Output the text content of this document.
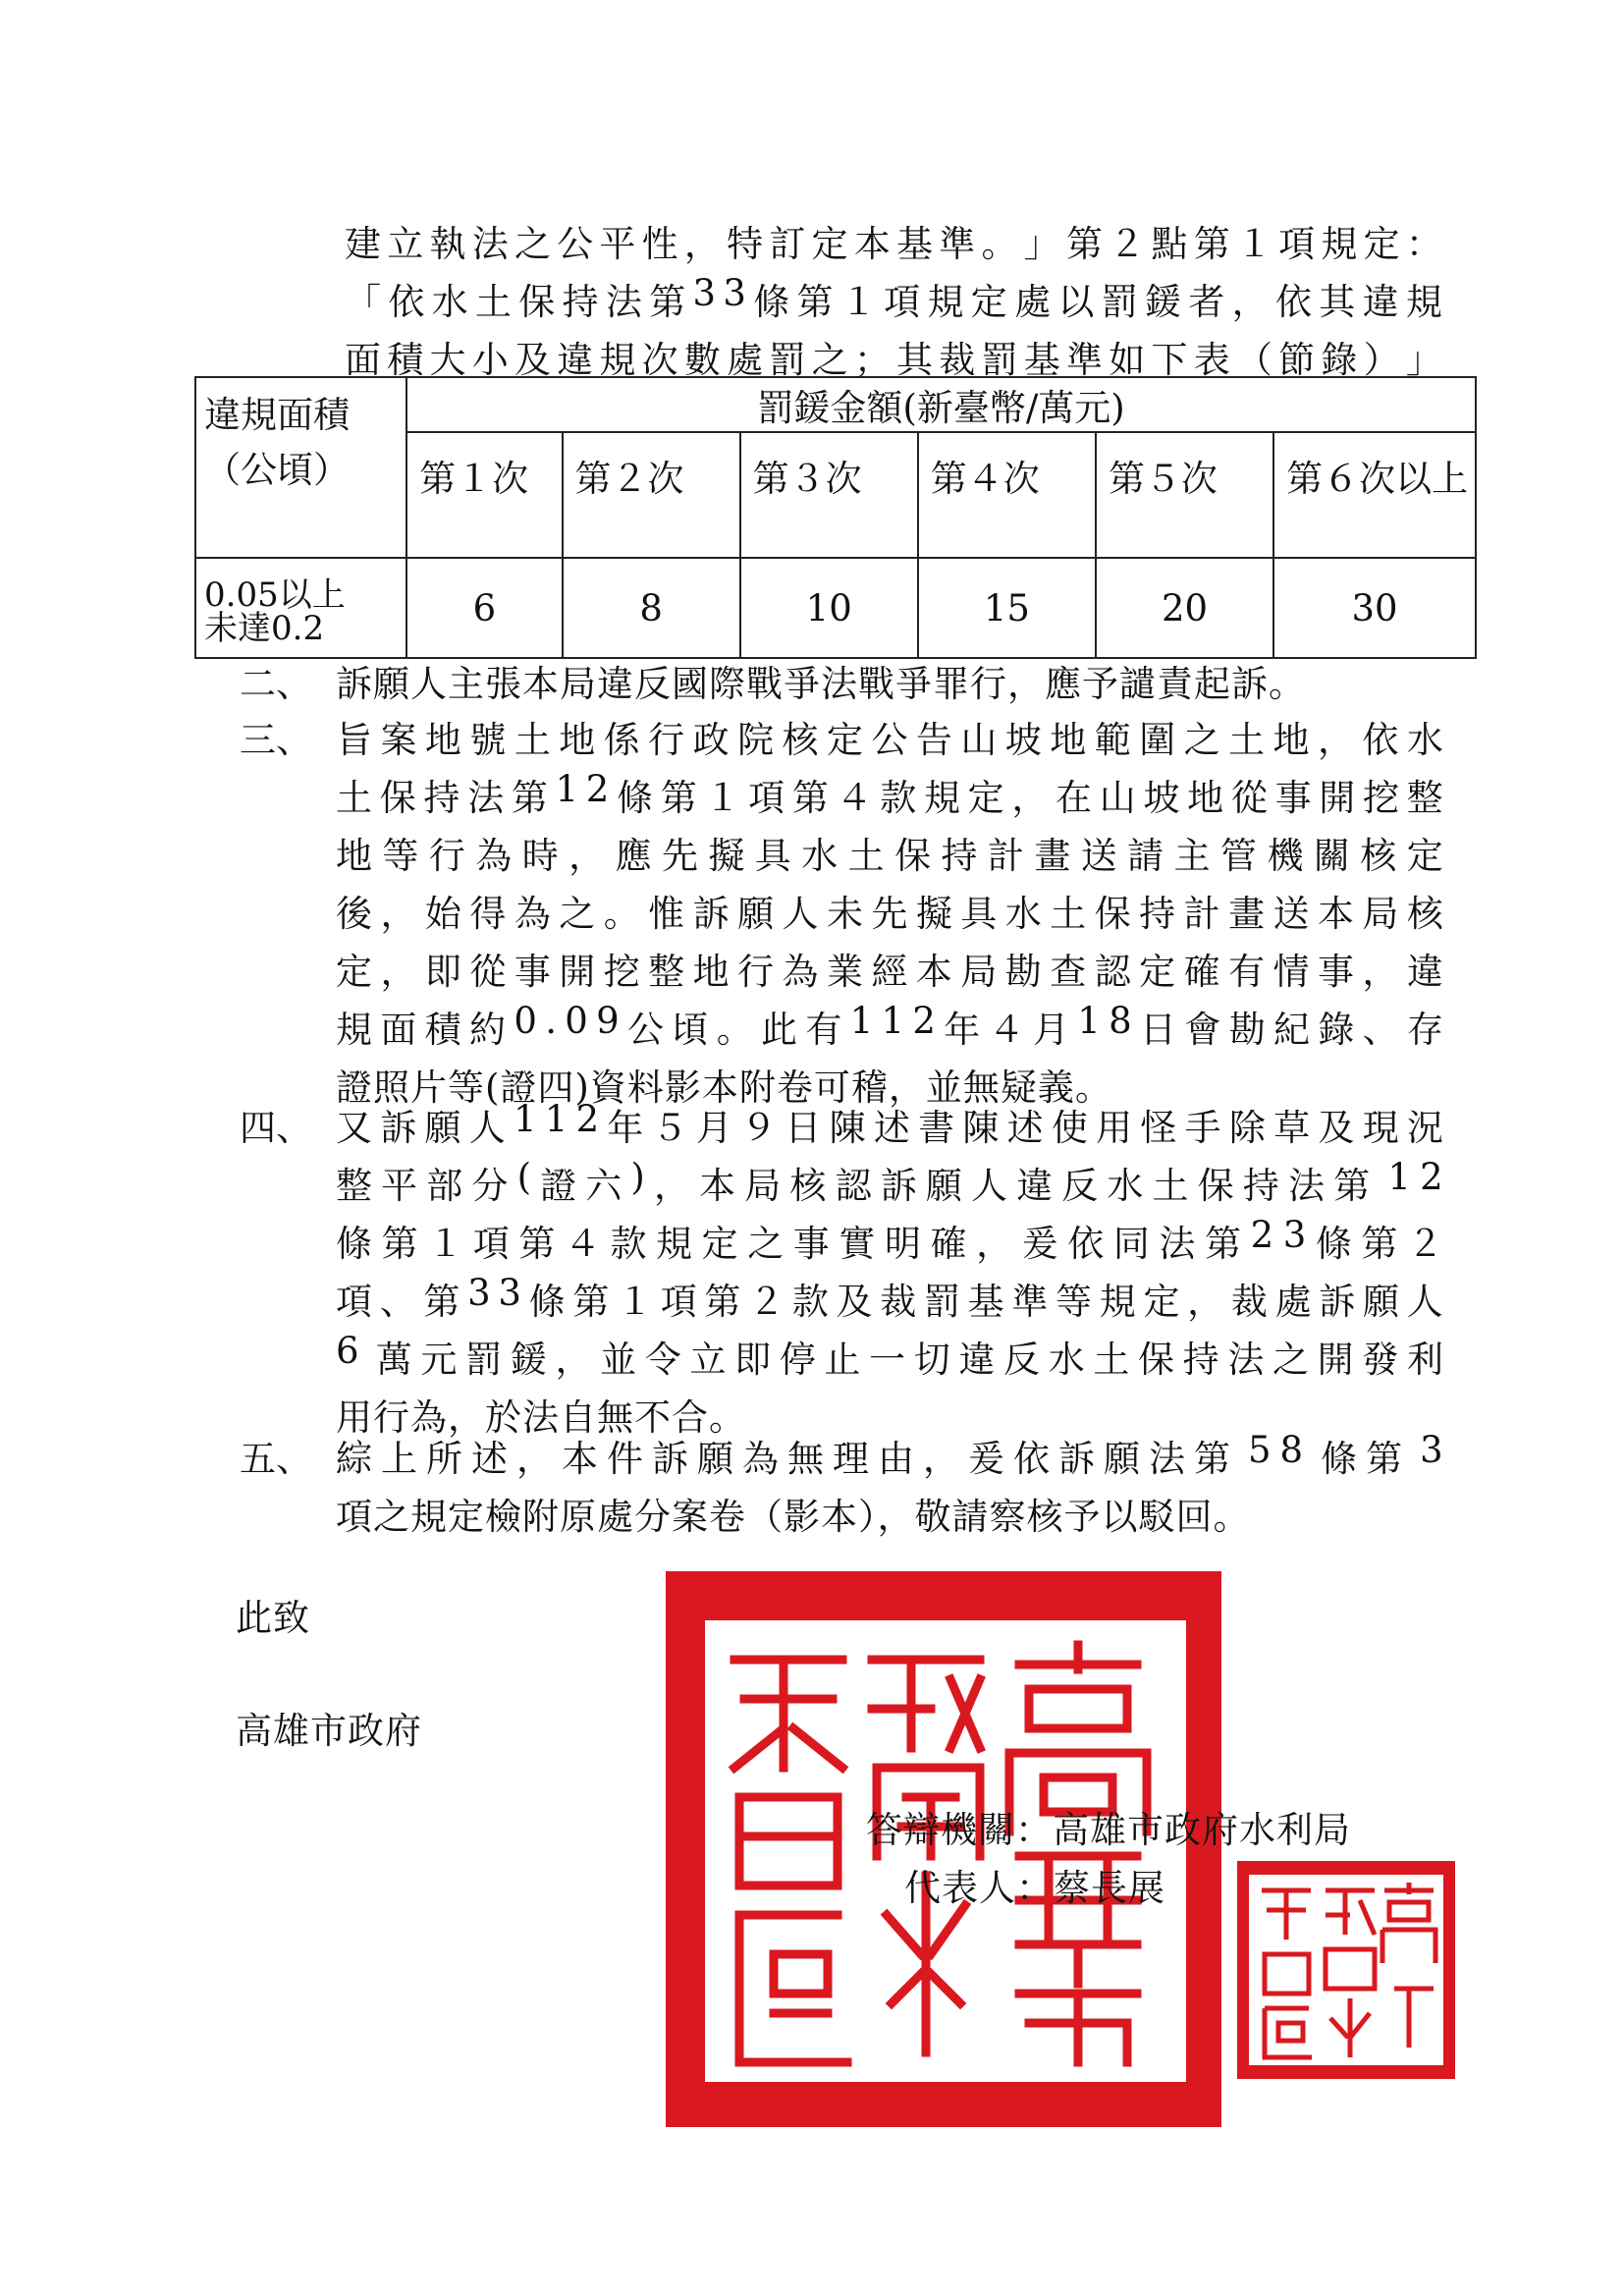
建 立 執 法 之 公 平 性 ， 特 訂 定 本 基 準 。 」 第 ２ 點 第 １ 項 規 定 ：
「 依 水 土 保 持 法 第 3 3 條 第 １ 項 規 定 處 以 罰 鍰 者 ， 依 其 違 規
面 積 大 小 及 違 規 次 數 處 罰 之 ； 其 裁 罰 基 準 如 下 表 （ 節 錄 ） 」
違規面積
（公頃）	罰鍰金額(新臺幣/萬元)					
	第１次	第２次	第３次	第４次	第５次	第６次以上

0.05以上
未達0.2	6	8	10	15	20	30
二、 訴願人主張本局違反國際戰爭法戰爭罪行，應予譴責起訴。
三、 旨 案 地 號 土 地 係 行 政 院 核 定 公 告 山 坡 地 範 圍 之 土 地 ， 依 水
土 保 持 法 第 1 2 條 第 １ 項 第 ４ 款 規 定 ， 在 山 坡 地 從 事 開 挖 整
地 等 行 為 時 ， 應 先 擬 具 水 土 保 持 計 畫 送 請 主 管 機 關 核 定
後 ， 始 得 為 之 。 惟 訴 願 人 未 先 擬 具 水 土 保 持 計 畫 送 本 局 核
定 ， 即 從 事 開 挖 整 地 行 為 業 經 本 局 勘 查 認 定 確 有 情 事 ， 違
規 面 積 約 0 . 0 9 公 頃 。 此 有 1 1 2 年 ４ 月 1 8 日 會 勘 紀 錄 、 存
證照片等(證四)資料影本附卷可稽，並無疑義。
四、 又 訴 願 人 1 1 2 年 ５ 月 ９ 日 陳 述 書 陳 述 使 用 怪 手 除 草 及 現 況
整 平 部 分 ( 證 六 ) ， 本 局 核 認 訴 願 人 違 反 水 土 保 持 法 第 1 2
條 第 １ 項 第 ４ 款 規 定 之 事 實 明 確 ， 爰 依 同 法 第 2 3 條 第 ２
項 、 第 3 3 條 第 １ 項 第 ２ 款 及 裁 罰 基 準 等 規 定 ， 裁 處 訴 願 人
6 萬 元 罰 鍰 ， 並 令 立 即 停 止 一 切 違 反 水 土 保 持 法 之 開 發 利
用行為，於法自無不合。
五、 綜 上 所 述 ， 本 件 訴 願 為 無 理 由 ， 爰 依 訴 願 法 第 5 8 條 第 3
項之規定檢附原處分案卷（影本），敬請察核予以駁回。
此致
高雄市政府
答辯機關：高雄市政府水利局
代表人：蔡長展
